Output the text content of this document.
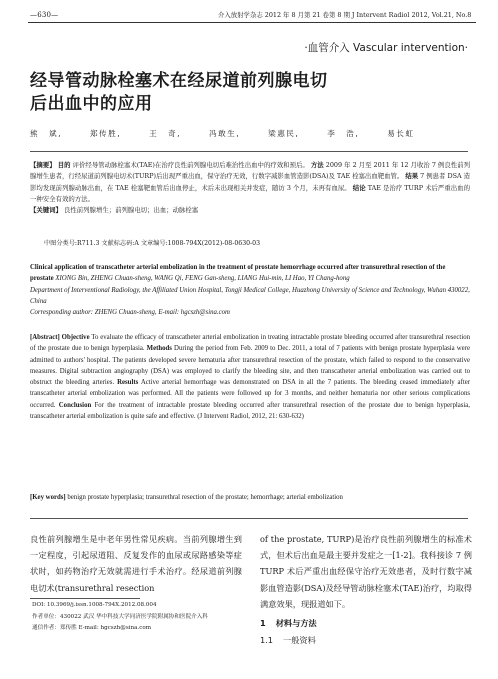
—630—	介入放射学杂志 2012 年 8 月第 21 卷第 8 期 J Intervent Radiol 2012, Vol.21, No.8
·血管介入 Vascular intervention·
经导管动脉栓塞术在经尿道前列腺电切后出血中的应用
熊 斌,	郑传胜,	王 奇,	冯敢生,	梁惠民,	李 浩,	易长虹
【摘要】 目的 评价经导管动脉栓塞术(TAE)在治疗良性前列腺电切后难治性出血中的疗效和预后。 方法 2009 年 2 月至 2011 年 12 月收治 7 例良性前列腺增生患者，行经尿道前列腺电切术(TURP)后出现严重出血，保守治疗无效，行数字减影血管造影(DSA)及 TAE 栓塞出血靶血管。 结果 7 例患者 DSA 造影均发现前列腺动脉出血，在 TAE 栓塞靶血管后出血停止，术后未出现相关并发症，随访 3 个月，未再有血尿。 结论 TAE 是治疗 TURP 术后严重出血的一种安全有效的方法。
【关键词】 良性前列腺增生；前列腺电切；出血；动脉栓塞
中图分类号:R711.3 文献标志码:A 文章编号:1008-794X(2012)-08-0630-03
Clinical application of transcatheter arterial embolization in the treatment of prostate hemorrhage occurred after transurethral resection of the prostate XIONG Bin, ZHENG Chuan-sheng, WANG Qi, FENG Gan-sheng, LIANG Hui-min, LI Hao, YI Chang-hong
Department of Interventional Radiology, the Affiliated Union Hospital, Tongji Medical College, Huazhong University of Science and Technology, Wuhan 430022, China
Corresponding author: ZHENG Chuan-sheng, E-mail: hgcszh@sina.com
[Abstract] Objective To evaluate the efficacy of transcatheter arterial embolization in treating intractable prostate bleeding occurred after transurethral resection of the prostate due to benign hyperplasia. Methods During the period from Feb. 2009 to Dec. 2011, a total of 7 patients with benign prostate hyperplasia were admitted to authors' hospital. The patients developed severe hematuria after transurethral resection of the prostate, which failed to respond to the conservative measures. Digital subtraction angiography (DSA) was employed to clarify the bleeding site, and then transcatheter arterial embolization was carried out to obstruct the bleeding arteries. Results Active arterial hemorrhage was demonstrated on DSA in all the 7 patients. The bleeding ceased immediately after transcatheter arterial embolization was performed. All the patients were followed up for 3 months, and neither hematuria nor other serious complications occurred. Conclusion For the treatment of intractable prostate bleeding occurred after transurethral resection of the prostate due to benign hyperplasia, transcatheter arterial embolization is quite safe and effective. (J Intervent Radiol, 2012, 21: 630-632)
[Key words] benign prostate hyperplasia; transurethral resection of the prostate; hemorrhage; arterial embolization
良性前列腺增生是中老年男性常见疾病。当前列腺增生到一定程度，引起尿道阻、反复发作的血尿或尿路感染等症状时，如药物治疗无效就需进行手术治疗。经尿道前列腺电切术(transurethral resection
of the prostate, TURP)是治疗良性前列腺增生的标准术式，但术后出血是最主要并发症之一[1-2]。我科接诊 7 例 TURP 术后严重出血经保守治疗无效患者，及时行数字减影血管造影(DSA)及经导管动脉栓塞术(TAE)治疗，均取得满意效果，现报道如下。
DOI: 10.3969/j.issn.1008-794X.2012.08.004
作者单位：430022 武汉 华中科技大学同济医学院附属协和医院介入科
通信作者：郑传胜 E-mail: hgcszh@sina.com	1 材料与方法
1.1 一般资料
